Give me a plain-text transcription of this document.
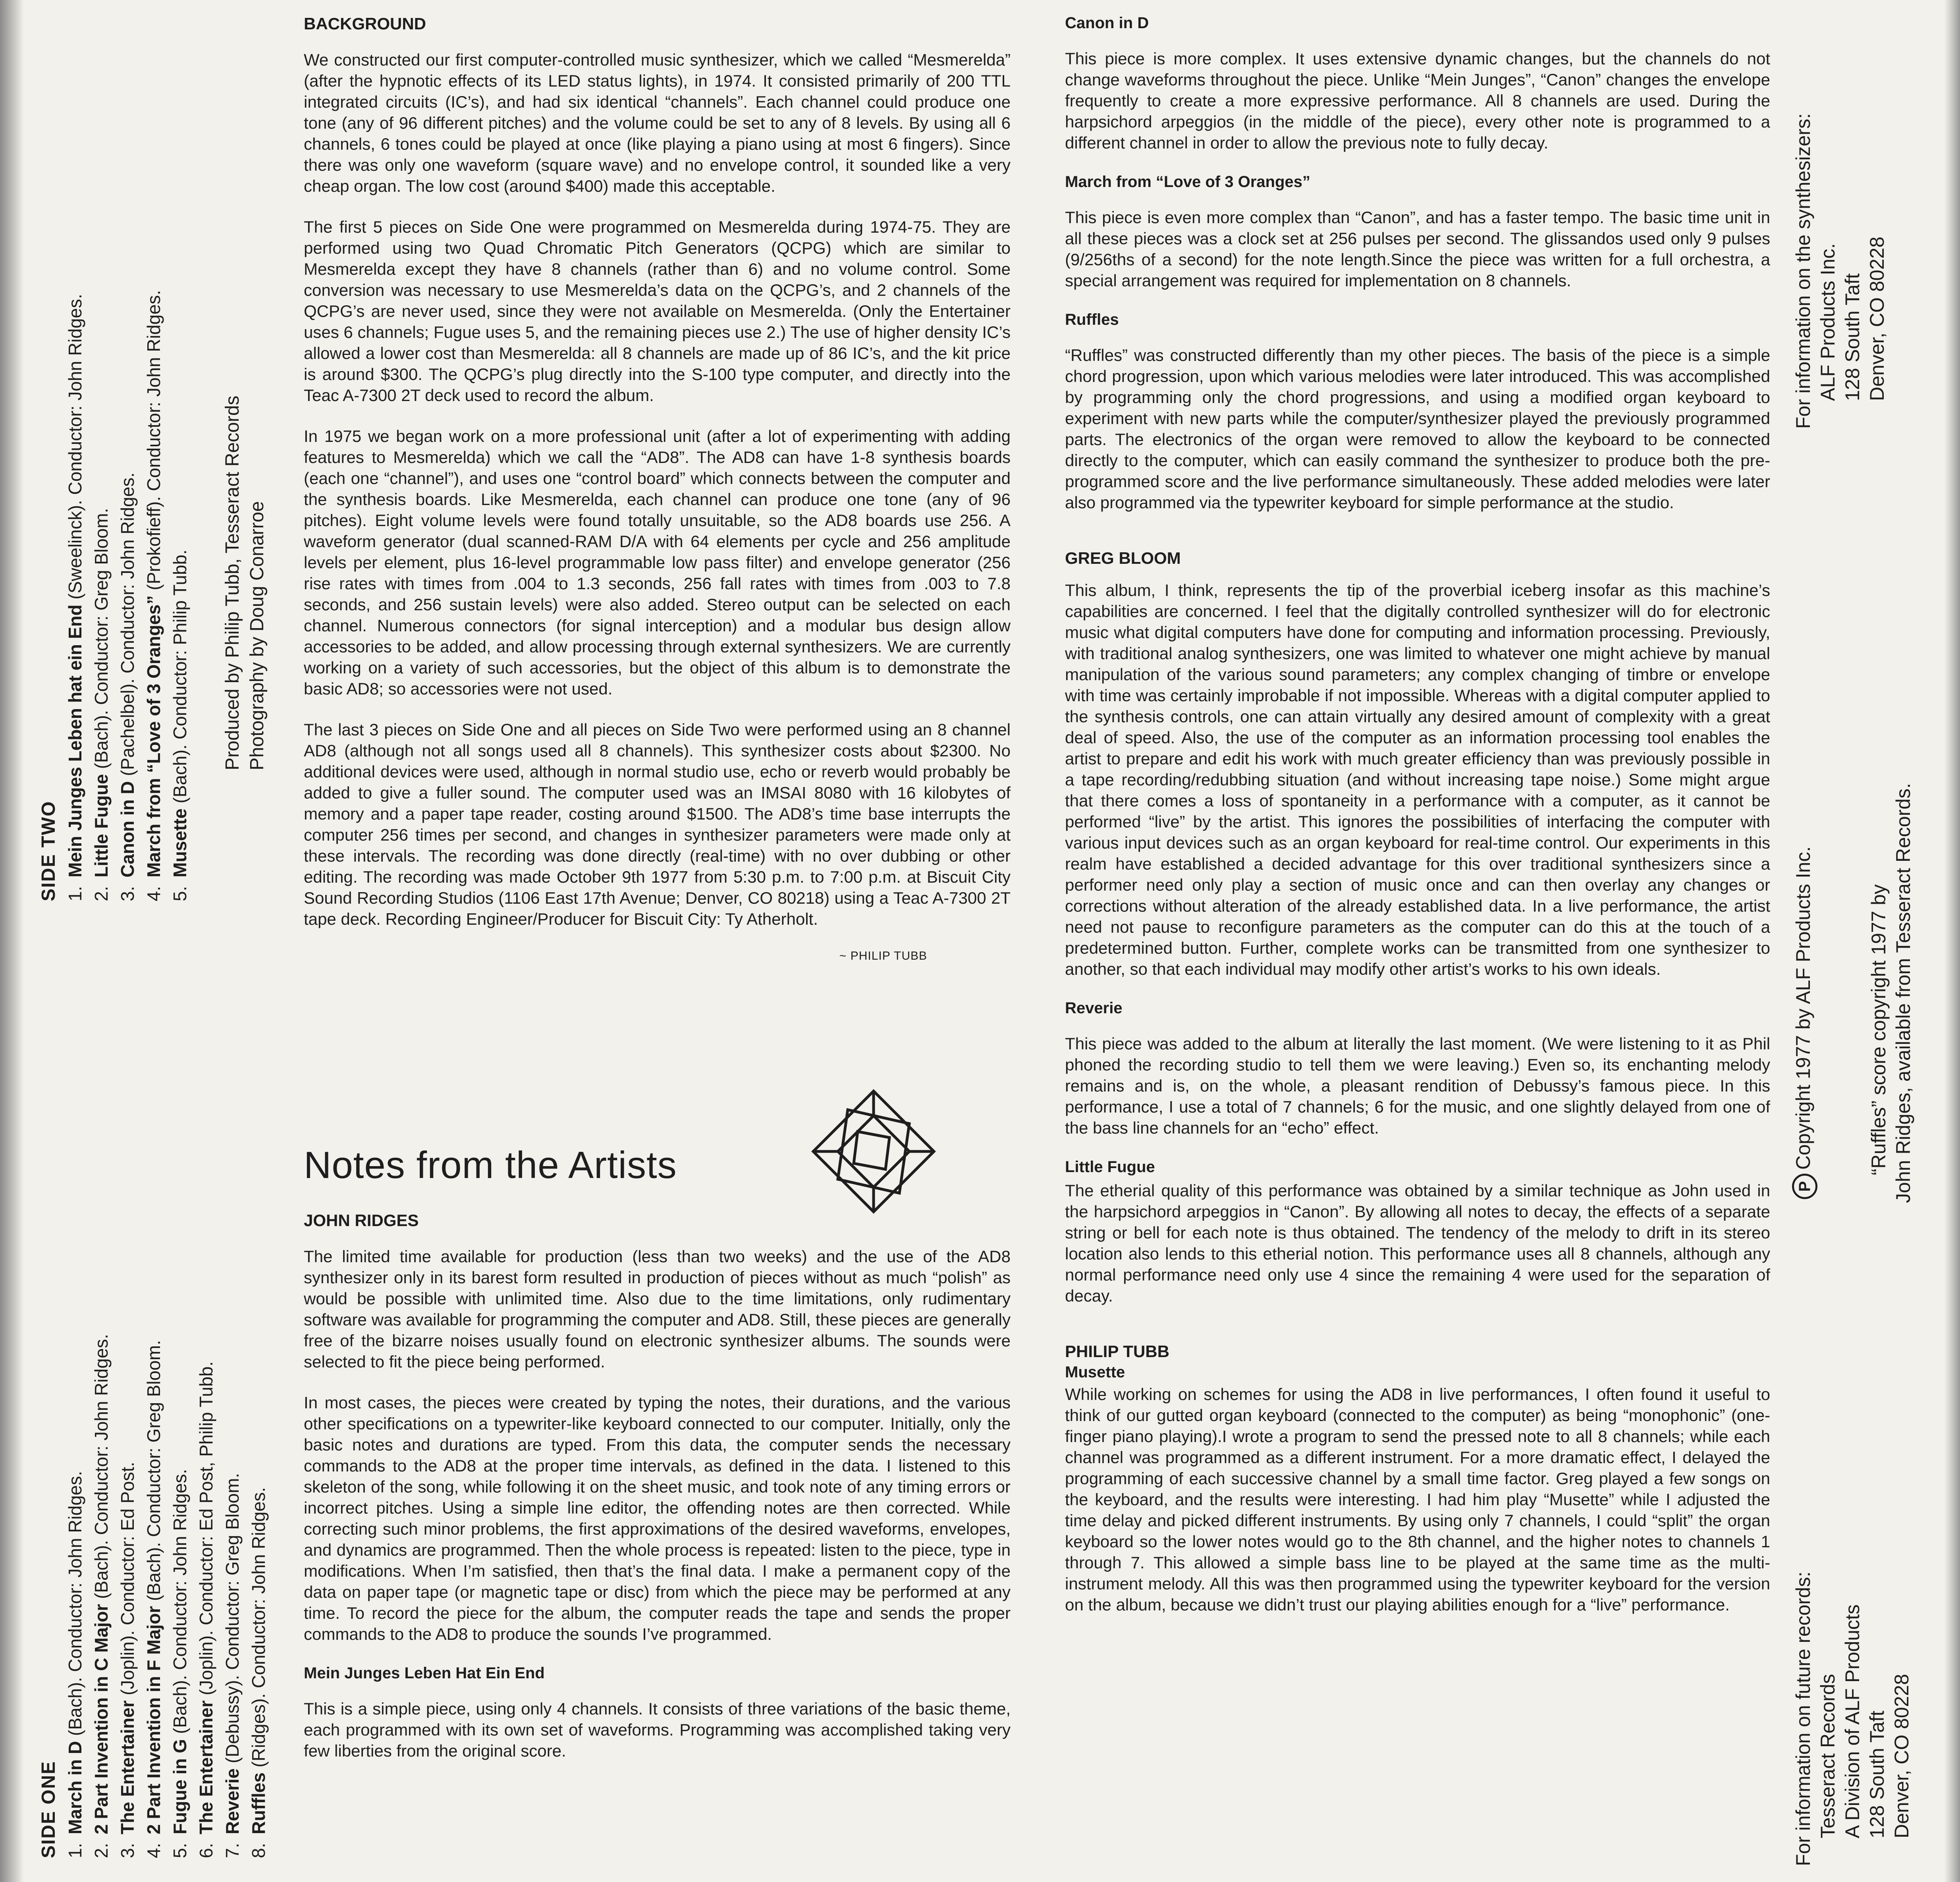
SIDE ONE 1.March in D (Bach). Conductor: John Ridges.
2.2 Part Invention in C Major (Bach). Conductor: John Ridges.
3.The Entertainer (Joplin). Conductor: Ed Post.
4.2 Part Invention in F Major (Bach). Conductor: Greg Bloom.
5.Fugue in G (Bach). Conductor: John Ridges.
6.The Entertainer (Joplin). Conductor: Ed Post, Philip Tubb.
7.Reverie (Debussy). Conductor: Greg Bloom.
8.Ruffles (Ridges). Conductor: John Ridges.
SIDE TWO 1.Mein Junges Leben hat ein End (Sweelinck). Conductor: John Ridges.
2.Little Fugue (Bach). Conductor: Greg Bloom.
3.Canon in D (Pachelbel). Conductor: John Ridges.
4.March from “Love of 3 Oranges” (Prokofieff). Conductor: John Ridges.
5.Musette (Bach). Conductor: Philip Tubb. Produced by Philip Tubb, Tesseract Records Photography by Doug Conarroe
BACKGROUND

We constructed our first computer-controlled music synthesizer, which we called “Mesmerelda” (after the hypnotic effects of its LED status lights), in 1974. It consisted primarily of 200 TTL integrated circuits (IC’s), and had six identical “channels”. Each channel could produce one tone (any of 96 different pitches) and the volume could be set to any of 8 levels. By using all 6 channels, 6 tones could be played at once (like playing a piano using at most 6 fingers). Since there was only one waveform (square wave) and no envelope control, it sounded like a very cheap organ. The low cost (around $400) made this acceptable.

The first 5 pieces on Side One were programmed on Mesmerelda during 1974-75. They are performed using two Quad Chromatic Pitch Generators (QCPG) which are similar to Mesmerelda except they have 8 channels (rather than 6) and no volume control. Some conversion was necessary to use Mesmerelda’s data on the QCPG’s, and 2 channels of the QCPG’s are never used, since they were not available on Mesmerelda. (Only the Entertainer uses 6 channels; Fugue uses 5, and the remaining pieces use 2.) The use of higher density IC’s allowed a lower cost than Mesmerelda: all 8 channels are made up of 86 IC’s, and the kit price is around $300. The QCPG’s plug directly into the S-100 type computer, and directly into the Teac A-7300 2T deck used to record the album.

In 1975 we began work on a more professional unit (after a lot of experimenting with adding features to Mesmerelda) which we call the “AD8”. The AD8 can have 1-8 synthesis boards (each one “channel”), and uses one “control board” which connects between the computer and the synthesis boards. Like Mesmerelda, each channel can produce one tone (any of 96 pitches). Eight volume levels were found totally unsuitable, so the AD8 boards use 256. A waveform generator (dual scanned-RAM D/A with 64 elements per cycle and 256 amplitude levels per element, plus 16-level programmable low pass filter) and envelope generator (256 rise rates with times from .004 to 1.3 seconds, 256 fall rates with times from .003 to 7.8 seconds, and 256 sustain levels) were also added. Stereo output can be selected on each channel. Numerous connectors (for signal interception) and a modular bus design allow accessories to be added, and allow processing through external synthesizers. We are currently working on a variety of such accessories, but the object of this album is to demonstrate the basic AD8; so accessories were not used.

The last 3 pieces on Side One and all pieces on Side Two were performed using an 8 channel AD8 (although not all songs used all 8 channels). This synthesizer costs about $2300. No additional devices were used, although in normal studio use, echo or reverb would probably be added to give a fuller sound. The computer used was an IMSAI 8080 with 16 kilobytes of memory and a paper tape reader, costing around $1500. The AD8’s time base interrupts the computer 256 times per second, and changes in synthesizer parameters were made only at these intervals. The recording was done directly (real-time) with no over dubbing or other editing. The recording was made October 9th 1977 from 5:30 p.m. to 7:00 p.m. at Biscuit City Sound Recording Studios (1106 East 17th Avenue; Denver, CO 80218) using a Teac A-7300 2T tape deck. Recording Engineer/Producer for Biscuit City: Ty Atherholt.

~ PHILIP TUBB
Notes from the Artists
JOHN RIDGES

The limited time available for production (less than two weeks) and the use of the AD8 synthesizer only in its barest form resulted in production of pieces without as much “polish” as would be possible with unlimited time. Also due to the time limitations, only rudimentary software was available for programming the computer and AD8. Still, these pieces are generally free of the bizarre noises usually found on electronic synthesizer albums. The sounds were selected to fit the piece being performed.

In most cases, the pieces were created by typing the notes, their durations, and the various other specifications on a typewriter-like keyboard connected to our computer. Initially, only the basic notes and durations are typed. From this data, the computer sends the necessary commands to the AD8 at the proper time intervals, as defined in the data. I listened to this skeleton of the song, while following it on the sheet music, and took note of any timing errors or incorrect pitches. Using a simple line editor, the offending notes are then corrected. While correcting such minor problems, the first approximations of the desired waveforms, envelopes, and dynamics are programmed. Then the whole process is repeated: listen to the piece, type in modifications. When I’m satisfied, then that’s the final data. I make a permanent copy of the data on paper tape (or magnetic tape or disc) from which the piece may be performed at any time. To record the piece for the album, the computer reads the tape and sends the proper commands to the AD8 to produce the sounds I’ve programmed.

Mein Junges Leben Hat Ein End

This is a simple piece, using only 4 channels. It consists of three variations of the basic theme, each programmed with its own set of waveforms. Programming was accomplished taking very few liberties from the original score.

Canon in D

This piece is more complex. It uses extensive dynamic changes, but the channels do not change waveforms throughout the piece. Unlike “Mein Junges”, “Canon” changes the envelope frequently to create a more expressive performance. All 8 channels are used. During the harpsichord arpeggios (in the middle of the piece), every other note is programmed to a different channel in order to allow the previous note to fully decay.

March from “Love of 3 Oranges”

This piece is even more complex than “Canon”, and has a faster tempo. The basic time unit in all these pieces was a clock set at 256 pulses per second. The glissandos used only 9 pulses (9/256ths of a second) for the note length.Since the piece was written for a full orchestra, a special arrangement was required for implementation on 8 channels.

Ruffles

“Ruffles” was constructed differently than my other pieces. The basis of the piece is a simple chord progression, upon which various melodies were later introduced. This was accomplished by programming only the chord progressions, and using a modified organ keyboard to experiment with new parts while the computer/synthesizer played the previously programmed parts. The electronics of the organ were removed to allow the keyboard to be connected directly to the computer, which can easily command the synthesizer to produce both the pre-programmed score and the live performance simultaneously. These added melodies were later also programmed via the typewriter keyboard for simple performance at the studio.

GREG BLOOM

This album, I think, represents the tip of the proverbial iceberg insofar as this machine’s capabilities are concerned. I feel that the digitally controlled synthesizer will do for electronic music what digital computers have done for computing and information processing. Previously, with traditional analog synthesizers, one was limited to whatever one might achieve by manual manipulation of the various sound parameters; any complex changing of timbre or envelope with time was certainly improbable if not impossible. Whereas with a digital computer applied to the synthesis controls, one can attain virtually any desired amount of complexity with a great deal of speed. Also, the use of the computer as an information processing tool enables the artist to prepare and edit his work with much greater efficiency than was previously possible in a tape recording/redubbing situation (and without increasing tape noise.) Some might argue that there comes a loss of spontaneity in a performance with a computer, as it cannot be performed “live” by the artist. This ignores the possibilities of interfacing the computer with various input devices such as an organ keyboard for real-time control. Our experiments in this realm have established a decided advantage for this over traditional synthesizers since a performer need only play a section of music once and can then overlay any changes or corrections without alteration of the already established data. In a live performance, the artist need not pause to reconfigure parameters as the computer can do this at the touch of a predetermined button. Further, complete works can be transmitted from one synthesizer to another, so that each individual may modify other artist’s works to his own ideals.

Reverie

This piece was added to the album at literally the last moment. (We were listening to it as Phil phoned the recording studio to tell them we were leaving.) Even so, its enchanting melody remains and is, on the whole, a pleasant rendition of Debussy’s famous piece. In this performance, I use a total of 7 channels; 6 for the music, and one slightly delayed from one of the bass line channels for an “echo” effect.

Little Fugue

The etherial quality of this performance was obtained by a similar technique as John used in the harpsichord arpeggios in “Canon”. By allowing all notes to decay, the effects of a separate string or bell for each note is thus obtained. The tendency of the melody to drift in its stereo location also lends to this etherial notion. This performance uses all 8 channels, although any normal performance need only use 4 since the remaining 4 were used for the separation of decay.

PHILIP TUBB
Musette

While working on schemes for using the AD8 in live performances, I often found it useful to think of our gutted organ keyboard (connected to the computer) as being “monophonic” (one-finger piano playing).I wrote a program to send the pressed note to all 8 channels; while each channel was programmed as a different instrument. For a more dramatic effect, I delayed the programming of each successive channel by a small time factor. Greg played a few songs on the keyboard, and the results were interesting. I had him play “Musette” while I adjusted the time delay and picked different instruments. By using only 7 channels, I could “split” the organ keyboard so the lower notes would go to the 8th channel, and the higher notes to channels 1 through 7. This allowed a simple bass line to be played at the same time as the multi-instrument melody. All this was then programmed using the typewriter keyboard for the version on the album, because we didn’t trust our playing abilities enough for a “live” performance.

For information on the synthesizers: ALF Products Inc. 128 South Taft Denver, CO 80228
PCopyright 1977 by ALF Products Inc.	“Ruffles” score copyright 1977 by John Ridges, available from Tesseract Records.
For information on future records: Tesseract Records A Division of ALF Products 128 South Taft Denver, CO 80228
